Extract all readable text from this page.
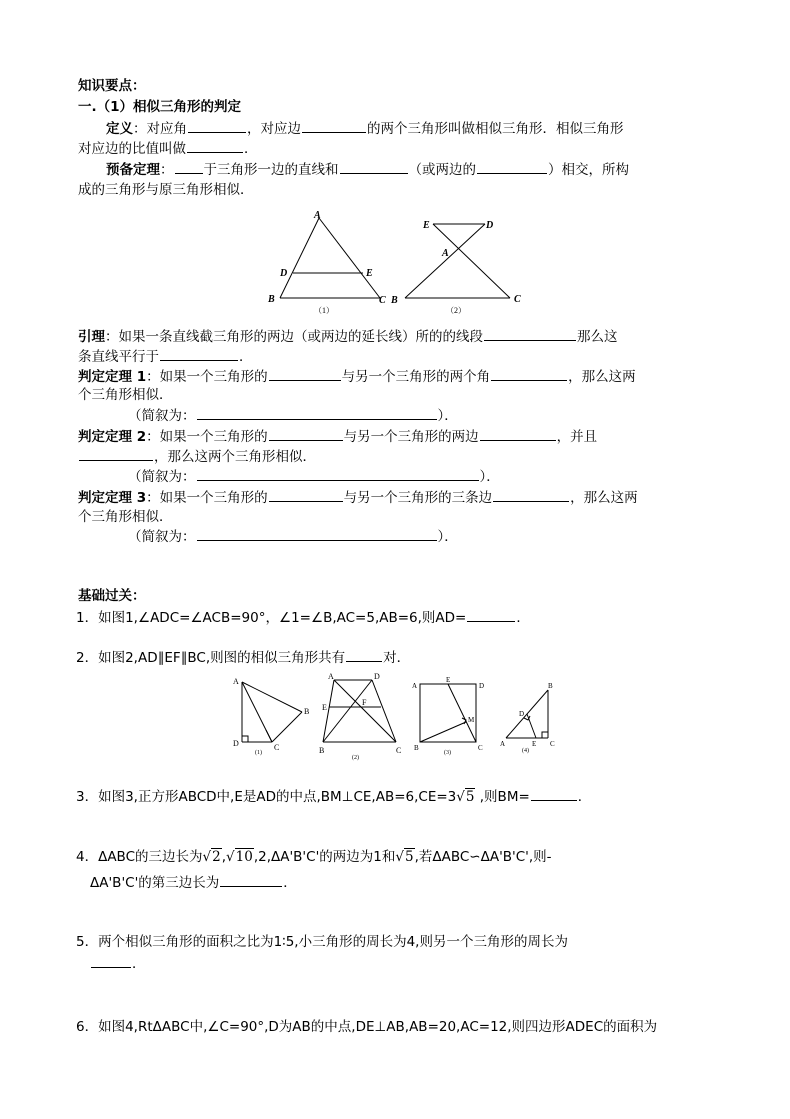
知识要点：
一.（1）相似三角形的判定
定义：对应角	，对应边	的两个三角形叫做相似三角形．相似三角形
对应边的比值叫做	．
预备定理： 于三角形一边的直线和	（或两边的	）相交，所构
成的三角形与原三角形相似．
A
D	E
B	C
（1）
E	D
A
B	C
（2）
引理：如果一条直线截三角形的两边（或两边的延长线）所的的线段	那么这
条直线平行于	．
判定定理 1：如果一个三角形的	与另一个三角形的两个角	，那么这两
个三角形相似．
（简叙为：	）．
判定定理 2：如果一个三角形的	与另一个三角形的两边	，并且
，那么这两个三角形相似．
（简叙为：	）．
判定定理 3：如果一个三角形的	与另一个三角形的三条边	，那么这两
个三角形相似．
（简叙为：	）．
基础过关：
1．如图1,∠ADC=∠ACB=90°，∠1=∠B,AC=5,AB=6,则AD=	．
2．如图2,AD∥EF∥BC,则图的相似三角形共有	对．
A
B
D	C
(1)
A	D
E
F
B	C
(2)
A
E
D
M
B	C
(3)
B
D
A	E C
(4)
3．如图3,正方形ABCD中,E是AD的中点,BM⊥CE,AB=6,CE=3√5 ,则BM=	．
4．ΔABC的三边长为√2,√10,2,ΔA'B'C'的两边为1和√5,若ΔABC∽ΔA'B'C',则-
ΔA'B'C'的第三边长为	．
5．两个相似三角形的面积之比为1∶5,小三角形的周长为4,则另一个三角形的周长为
．
6．如图4,RtΔABC中,∠C=90°,D为AB的中点,DE⊥AB,AB=20,AC=12,则四边形ADEC的面积为
